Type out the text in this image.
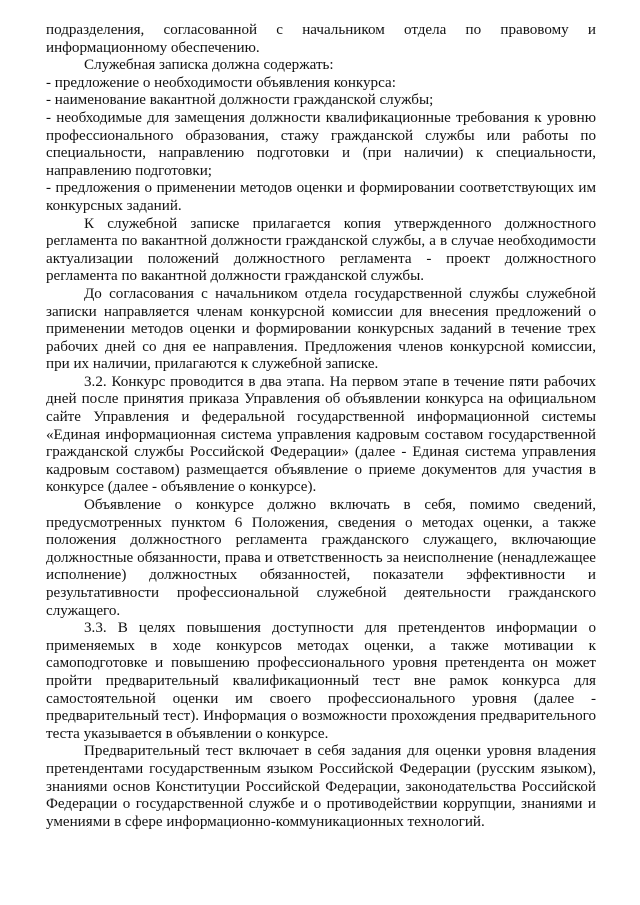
подразделения, согласованной с начальником отдела по правовому и информационному обеспечению.

Служебная записка должна содержать:

- предложение о необходимости объявления конкурса:

- наименование вакантной должности гражданской службы;

- необходимые для замещения должности квалификационные требования к уровню профессионального образования, стажу гражданской службы или работы по специальности, направлению подготовки и (при наличии) к специальности, направлению подготовки;

- предложения о применении методов оценки и формировании соответствующих им конкурсных заданий.

К служебной записке прилагается копия утвержденного должностного регламента по вакантной должности гражданской службы, а в случае необходимости актуализации положений должностного регламента - проект должностного регламента по вакантной должности гражданской службы.

До согласования с начальником отдела государственной службы служебной записки направляется членам конкурсной комиссии для внесения предложений о применении методов оценки и формировании конкурсных заданий в течение трех рабочих дней со дня ее направления. Предложения членов конкурсной комиссии, при их наличии, прилагаются к служебной записке.

3.2. Конкурс проводится в два этапа. На первом этапе в течение пяти рабочих дней после принятия приказа Управления об объявлении конкурса на официальном сайте Управления и федеральной государственной информационной системы «Единая информационная система управления кадровым составом государственной гражданской службы Российской Федерации» (далее - Единая система управления кадровым составом) размещается объявление о приеме документов для участия в конкурсе (далее - объявление о конкурсе).

Объявление о конкурсе должно включать в себя, помимо сведений, предусмотренных пунктом 6 Положения, сведения о методах оценки, а также положения должностного регламента гражданского служащего, включающие должностные обязанности, права и ответственность за неисполнение (ненадлежащее исполнение) должностных обязанностей, показатели эффективности и результативности профессиональной служебной деятельности гражданского служащего.

3.3. В целях повышения доступности для претендентов информации о применяемых в ходе конкурсов методах оценки, а также мотивации к самоподготовке и повышению профессионального уровня претендента он может пройти предварительный квалификационный тест вне рамок конкурса для самостоятельной оценки им своего профессионального уровня (далее - предварительный тест). Информация о возможности прохождения предварительного теста указывается в объявлении о конкурсе.

Предварительный тест включает в себя задания для оценки уровня владения претендентами государственным языком Российской Федерации (русским языком), знаниями основ Конституции Российской Федерации, законодательства Российской Федерации о государственной службе и о противодействии коррупции, знаниями и умениями в сфере информационно-коммуникационных технологий.
